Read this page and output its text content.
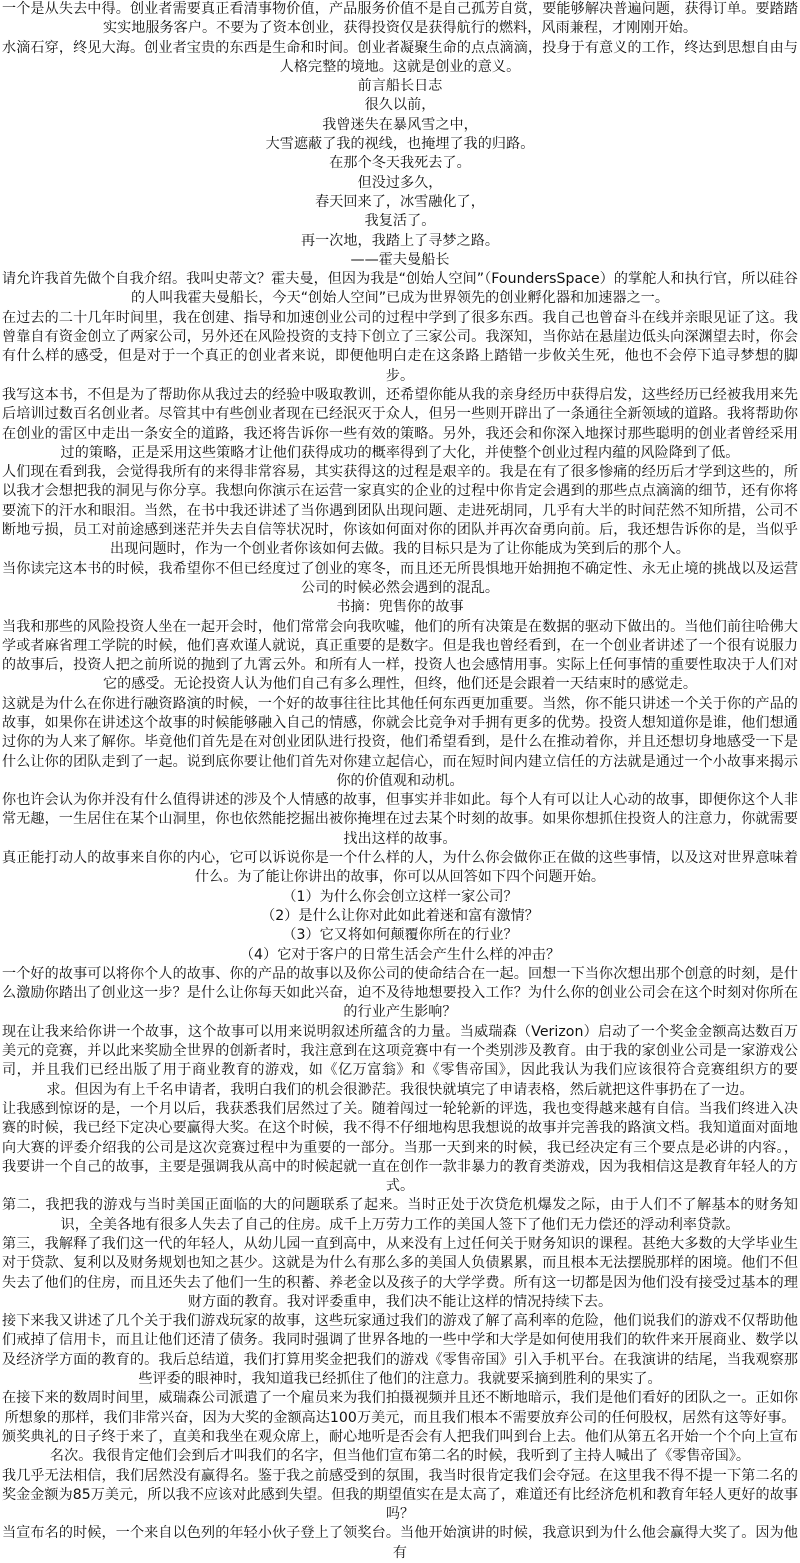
一个是从失去中得。创业者需要真正看清事物价值，产品服务价值不是自己孤芳自赏，要能够解决普遍问题，获得订单。要踏踏实实地服务客户。不要为了资本创业，获得投资仅是获得航行的燃料，风雨兼程，才刚刚开始。

水滴石穿，终见大海。创业者宝贵的东西是生命和时间。创业者凝聚生命的点点滴滴，投身于有意义的工作，终达到思想自由与人格完整的境地。这就是创业的意义。

前言船长日志

很久以前，

我曾迷失在暴风雪之中，

大雪遮蔽了我的视线，也掩埋了我的归路。

在那个冬天我死去了。

但没过多久，

春天回来了，冰雪融化了，

我复活了。

再一次地，我踏上了寻梦之路。

——霍夫曼船长

请允许我首先做个自我介绍。我叫史蒂文？霍夫曼，但因为我是“创始人空间”（FoundersSpace）的掌舵人和执行官，所以硅谷的人叫我霍夫曼船长，今天“创始人空间”已成为世界领先的创业孵化器和加速器之一。

在过去的二十几年时间里，我在创建、指导和加速创业公司的过程中学到了很多东西。我自己也曾奋斗在线并亲眼见证了这。我曾靠自有资金创立了两家公司，另外还在风险投资的支持下创立了三家公司。我深知，当你站在悬崖边低头向深渊望去时，你会有什么样的感受，但是对于一个真正的创业者来说，即便他明白走在这条路上踏错一步攸关生死，他也不会停下追寻梦想的脚步。

我写这本书，不但是为了帮助你从我过去的经验中吸取教训，还希望你能从我的亲身经历中获得启发，这些经历已经被我用来先后培训过数百名创业者。尽管其中有些创业者现在已经泯灭于众人，但另一些则开辟出了一条通往全新领域的道路。我将帮助你在创业的雷区中走出一条安全的道路，我还将告诉你一些有效的策略。另外，我还会和你深入地探讨那些聪明的创业者曾经采用过的策略，正是采用这些策略才让他们获得成功的概率得到了大化，并使整个创业过程内蕴的风险降到了低。

人们现在看到我，会觉得我所有的来得非常容易，其实获得这的过程是艰辛的。我是在有了很多惨痛的经历后才学到这些的，所以我才会想把我的洞见与你分享。我想向你演示在运营一家真实的企业的过程中你肯定会遇到的那些点点滴滴的细节，还有你将要流下的汗水和眼泪。当然，在书中我还讲述了当你遇到团队出现问题、走进死胡同，几乎有大半的时间茫然不知所措，公司不断地亏损，员工对前途感到迷茫并失去自信等状况时，你该如何面对你的团队并再次奋勇向前。后，我还想告诉你的是，当似乎出现问题时，作为一个创业者你该如何去做。我的目标只是为了让你能成为笑到后的那个人。

当你读完这本书的时候，我希望你不但已经度过了创业的寒冬，而且还无所畏惧地开始拥抱不确定性、永无止境的挑战以及运营公司的时候必然会遇到的混乱。

书摘：兜售你的故事

当我和那些的风险投资人坐在一起开会时，他们常常会向我吹嘘，他们的所有决策是在数据的驱动下做出的。当他们前往哈佛大学或者麻省理工学院的时候，他们喜欢谨人就说，真正重要的是数字。但是我也曾经看到，在一个创业者讲述了一个很有说服力的故事后，投资人把之前所说的抛到了九霄云外。和所有人一样，投资人也会感情用事。实际上任何事情的重要性取决于人们对它的感受。无论投资人认为他们自己有多么理性，但终，他们还是会跟着一天结束时的感觉走。

这就是为什么在你进行融资路演的时候，一个好的故事往往比其他任何东西更加重要。当然，你不能只讲述一个关于你的产品的故事，如果你在讲述这个故事的时候能够融入自己的情感，你就会比竞争对手拥有更多的优势。投资人想知道你是谁，他们想通过你的为人来了解你。毕竟他们首先是在对创业团队进行投资，他们希望看到，是什么在推动着你，并且还想切身地感受一下是什么让你的团队走到了一起。说到底你要让他们首先对你建立起信心，而在短时间内建立信任的方法就是通过一个小故事来揭示你的价值观和动机。

你也许会认为你并没有什么值得讲述的涉及个人情感的故事，但事实并非如此。每个人有可以让人心动的故事，即便你这个人非常无趣，一生居住在某个山洞里，你也依然能挖掘出被你掩埋在过去某个时刻的故事。如果你想抓住投资人的注意力，你就需要找出这样的故事。

真正能打动人的故事来自你的内心，它可以诉说你是一个什么样的人，为什么你会做你正在做的这些事情，以及这对世界意味着什么。为了能让你讲出的故事，你可以从回答如下四个问题开始。

（1）为什么你会创立这样一家公司？

（2）是什么让你对此如此着迷和富有激情？

（3）它又将如何颠覆你所在的行业？

（4）它对于客户的日常生活会产生什么样的冲击？

一个好的故事可以将你个人的故事、你的产品的故事以及你公司的使命结合在一起。回想一下当你次想出那个创意的时刻，是什么激励你踏出了创业这一步？是什么让你每天如此兴奋，迫不及待地想要投入工作？为什么你的创业公司会在这个时刻对你所在的行业产生影响？

现在让我来给你讲一个故事，这个故事可以用来说明叙述所蕴含的力量。当威瑞森（Verizon）启动了一个奖金金额高达数百万美元的竞赛，并以此来奖励全世界的创新者时，我注意到在这项竞赛中有一个类别涉及教育。由于我的家创业公司是一家游戏公司，并且我们已经出版了用于商业教育的游戏，如《亿万富翁》和《零售帝国》，因此我认为我们应该很符合竞赛组织方的要求。但因为有上千名申请者，我明白我们的机会很渺茫。我很快就填完了申请表格，然后就把这件事扔在了一边。

让我感到惊讶的是，一个月以后，我获悉我们居然过了关。随着闯过一轮轮新的评选，我也变得越来越有自信。当我们终进入决赛的时候，我已经下定决心要赢得大奖。在这个时候，我不得不仔细地构思我想说的故事并完善我的路演文档。我知道面对面地向大赛的评委介绍我的公司是这次竞赛过程中为重要的一部分。当那一天到来的时候，我已经决定有三个要点是必讲的内容。，我要讲一个自己的故事，主要是强调我从高中的时候起就一直在创作一款非暴力的教育类游戏，因为我相信这是教育年轻人的方式。

第二，我把我的游戏与当时美国正面临的大的问题联系了起来。当时正处于次贷危机爆发之际，由于人们不了解基本的财务知识，全美各地有很多人失去了自己的住房。成千上万劳力工作的美国人签下了他们无力偿还的浮动利率贷款。

第三，我解释了我们这一代的年轻人，从幼儿园一直到高中，从来没有上过任何关于财务知识的课程。甚绝大多数的大学毕业生对于贷款、复利以及财务规划也知之甚少。这就是为什么有那么多的美国人负债累累，而且根本无法摆脱那样的困境。他们不但失去了他们的住房，而且还失去了他们一生的积蓄、养老金以及孩子的大学学费。所有这一切都是因为他们没有接受过基本的理财方面的教育。我对评委重申，我们决不能让这样的情况持续下去。

接下来我又讲述了几个关于我们游戏玩家的故事，这些玩家通过我们的游戏了解了高利率的危险，他们说我们的游戏不仅帮助他们戒掉了信用卡，而且让他们还清了债务。我同时强调了世界各地的一些中学和大学是如何使用我们的软件来开展商业、数学以及经济学方面的教育的。我后总结道，我们打算用奖金把我们的游戏《零售帝国》引入手机平台。在我演讲的结尾，当我观察那些评委的眼神时，我知道我已经抓住了他们的注意力。我就要采摘到胜利的果实了。

在接下来的数周时间里，威瑞森公司派遣了一个雇员来为我们拍摄视频并且还不断地暗示，我们是他们看好的团队之一。正如你所想象的那样，我们非常兴奋，因为大奖的金额高达100万美元，而且我们根本不需要放弃公司的任何股权，居然有这等好事。

颁奖典礼的日子终于来了，直美和我坐在观众席上，耐心地听是否会有人把我们叫到台上去。他们从第五名开始一个个向上宣布名次。我很肯定他们会到后才叫我们的名字，但当他们宣布第二名的时候，我听到了主持人喊出了《零售帝国》。

我几乎无法相信，我们居然没有赢得名。鉴于我之前感受到的氛围，我当时很肯定我们会夺冠。在这里我不得不提一下第二名的奖金金额为85万美元，所以我不应该对此感到失望。但我的期望值实在是太高了，难道还有比经济危机和教育年轻人更好的故事吗？

当宣布名的时候，一个来自以色列的年轻小伙子登上了领奖台。当他开始演讲的时候，我意识到为什么他会赢得大奖了。因为他有
